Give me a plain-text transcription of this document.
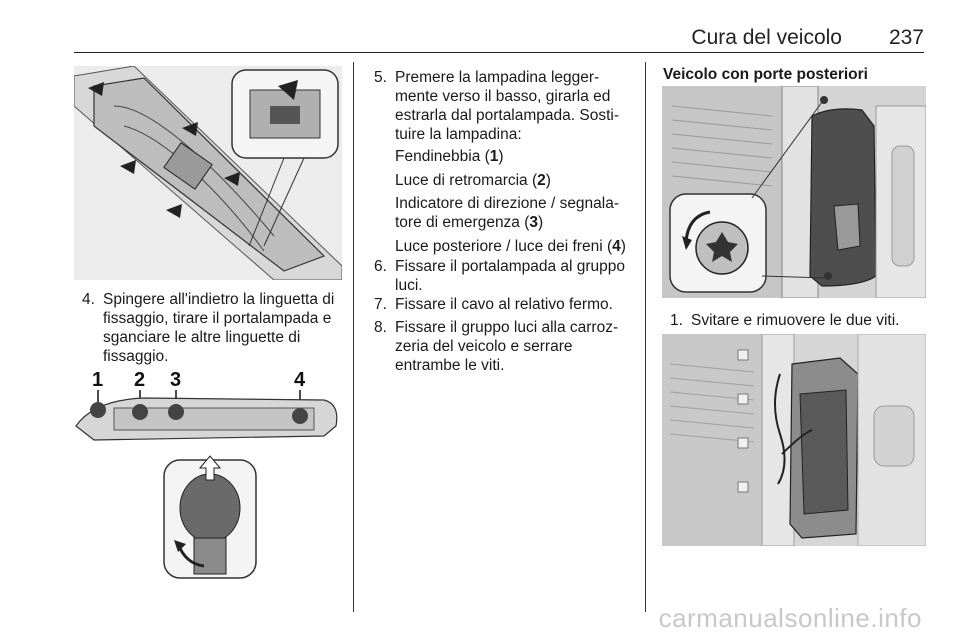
Cura del veicolo 237
4. Spingere all'indietro la linguetta di
fissaggio, tirare il portalampada e
sganciare le altre linguette di
fissaggio.
1 2 3	4
5. Premere la lampadina legger-
mente verso il basso, girarla ed
estrarla dal portalampada. Sosti-
tuire la lampadina:
Fendinebbia (1)
Luce di retromarcia (2)
Indicatore di direzione / segnala-
tore di emergenza (3)
Luce posteriore / luce dei freni (4)
6. Fissare il portalampada al gruppo
luci.
7. Fissare il cavo al relativo fermo.
8. Fissare il gruppo luci alla carroz-
zeria del veicolo e serrare
entrambe le viti.
Veicolo con porte posteriori
1. Svitare e rimuovere le due viti.
carmanualsonline.info
